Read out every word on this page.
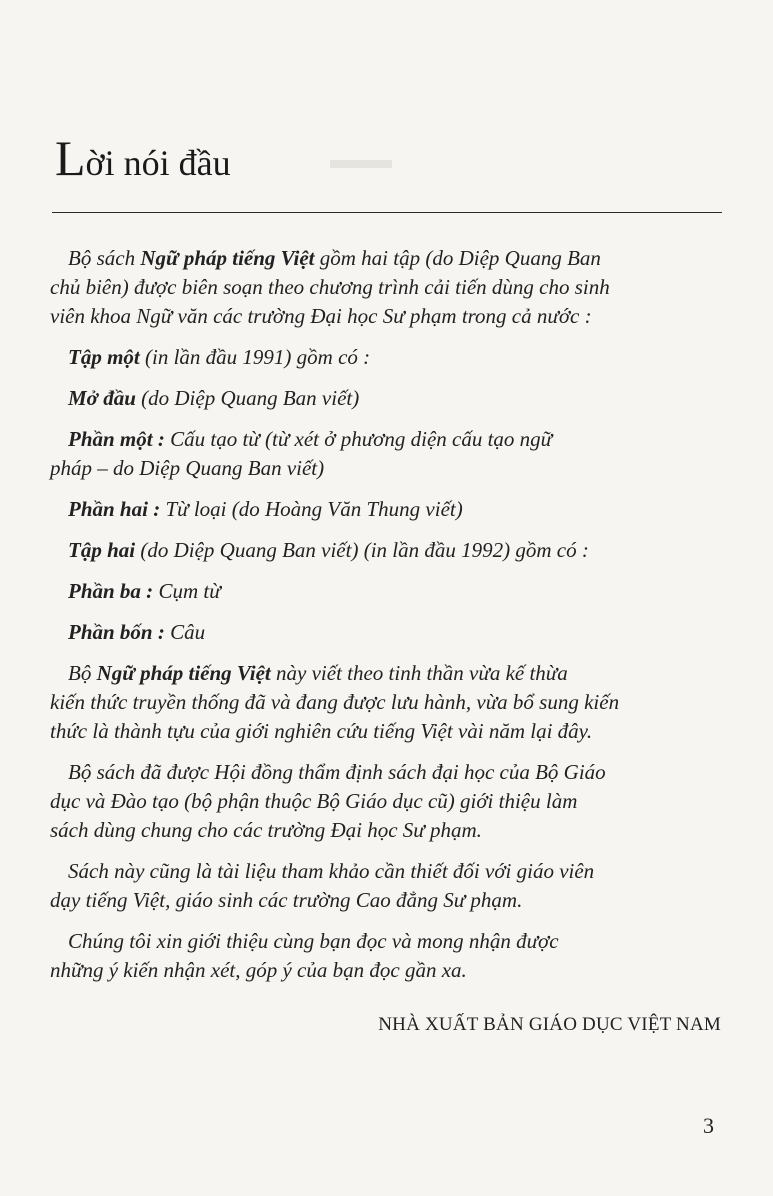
Lời nói đầu

Bộ sách Ngữ pháp tiếng Việt gồm hai tập (do Diệp Quang Ban
chủ biên) được biên soạn theo chương trình cải tiến dùng cho sinh
viên khoa Ngữ văn các trường Đại học Sư phạm trong cả nước :

Tập một (in lần đầu 1991) gồm có :

Mở đầu (do Diệp Quang Ban viết)

Phần một : Cấu tạo từ (từ xét ở phương diện cấu tạo ngữ
pháp – do Diệp Quang Ban viết)

Phần hai : Từ loại (do Hoàng Văn Thung viết)

Tập hai (do Diệp Quang Ban viết) (in lần đầu 1992) gồm có :

Phần ba : Cụm từ

Phần bốn : Câu

Bộ Ngữ pháp tiếng Việt này viết theo tinh thần vừa kế thừa
kiến thức truyền thống đã và đang được lưu hành, vừa bổ sung kiến
thức là thành tựu của giới nghiên cứu tiếng Việt vài năm lại đây.

Bộ sách đã được Hội đồng thẩm định sách đại học của Bộ Giáo
dục và Đào tạo (bộ phận thuộc Bộ Giáo dục cũ) giới thiệu làm
sách dùng chung cho các trường Đại học Sư phạm.

Sách này cũng là tài liệu tham khảo cần thiết đối với giáo viên
dạy tiếng Việt, giáo sinh các trường Cao đẳng Sư phạm.

Chúng tôi xin giới thiệu cùng bạn đọc và mong nhận được
những ý kiến nhận xét, góp ý của bạn đọc gần xa.

NHÀ XUẤT BẢN GIÁO DỤC VIỆT NAM
3
